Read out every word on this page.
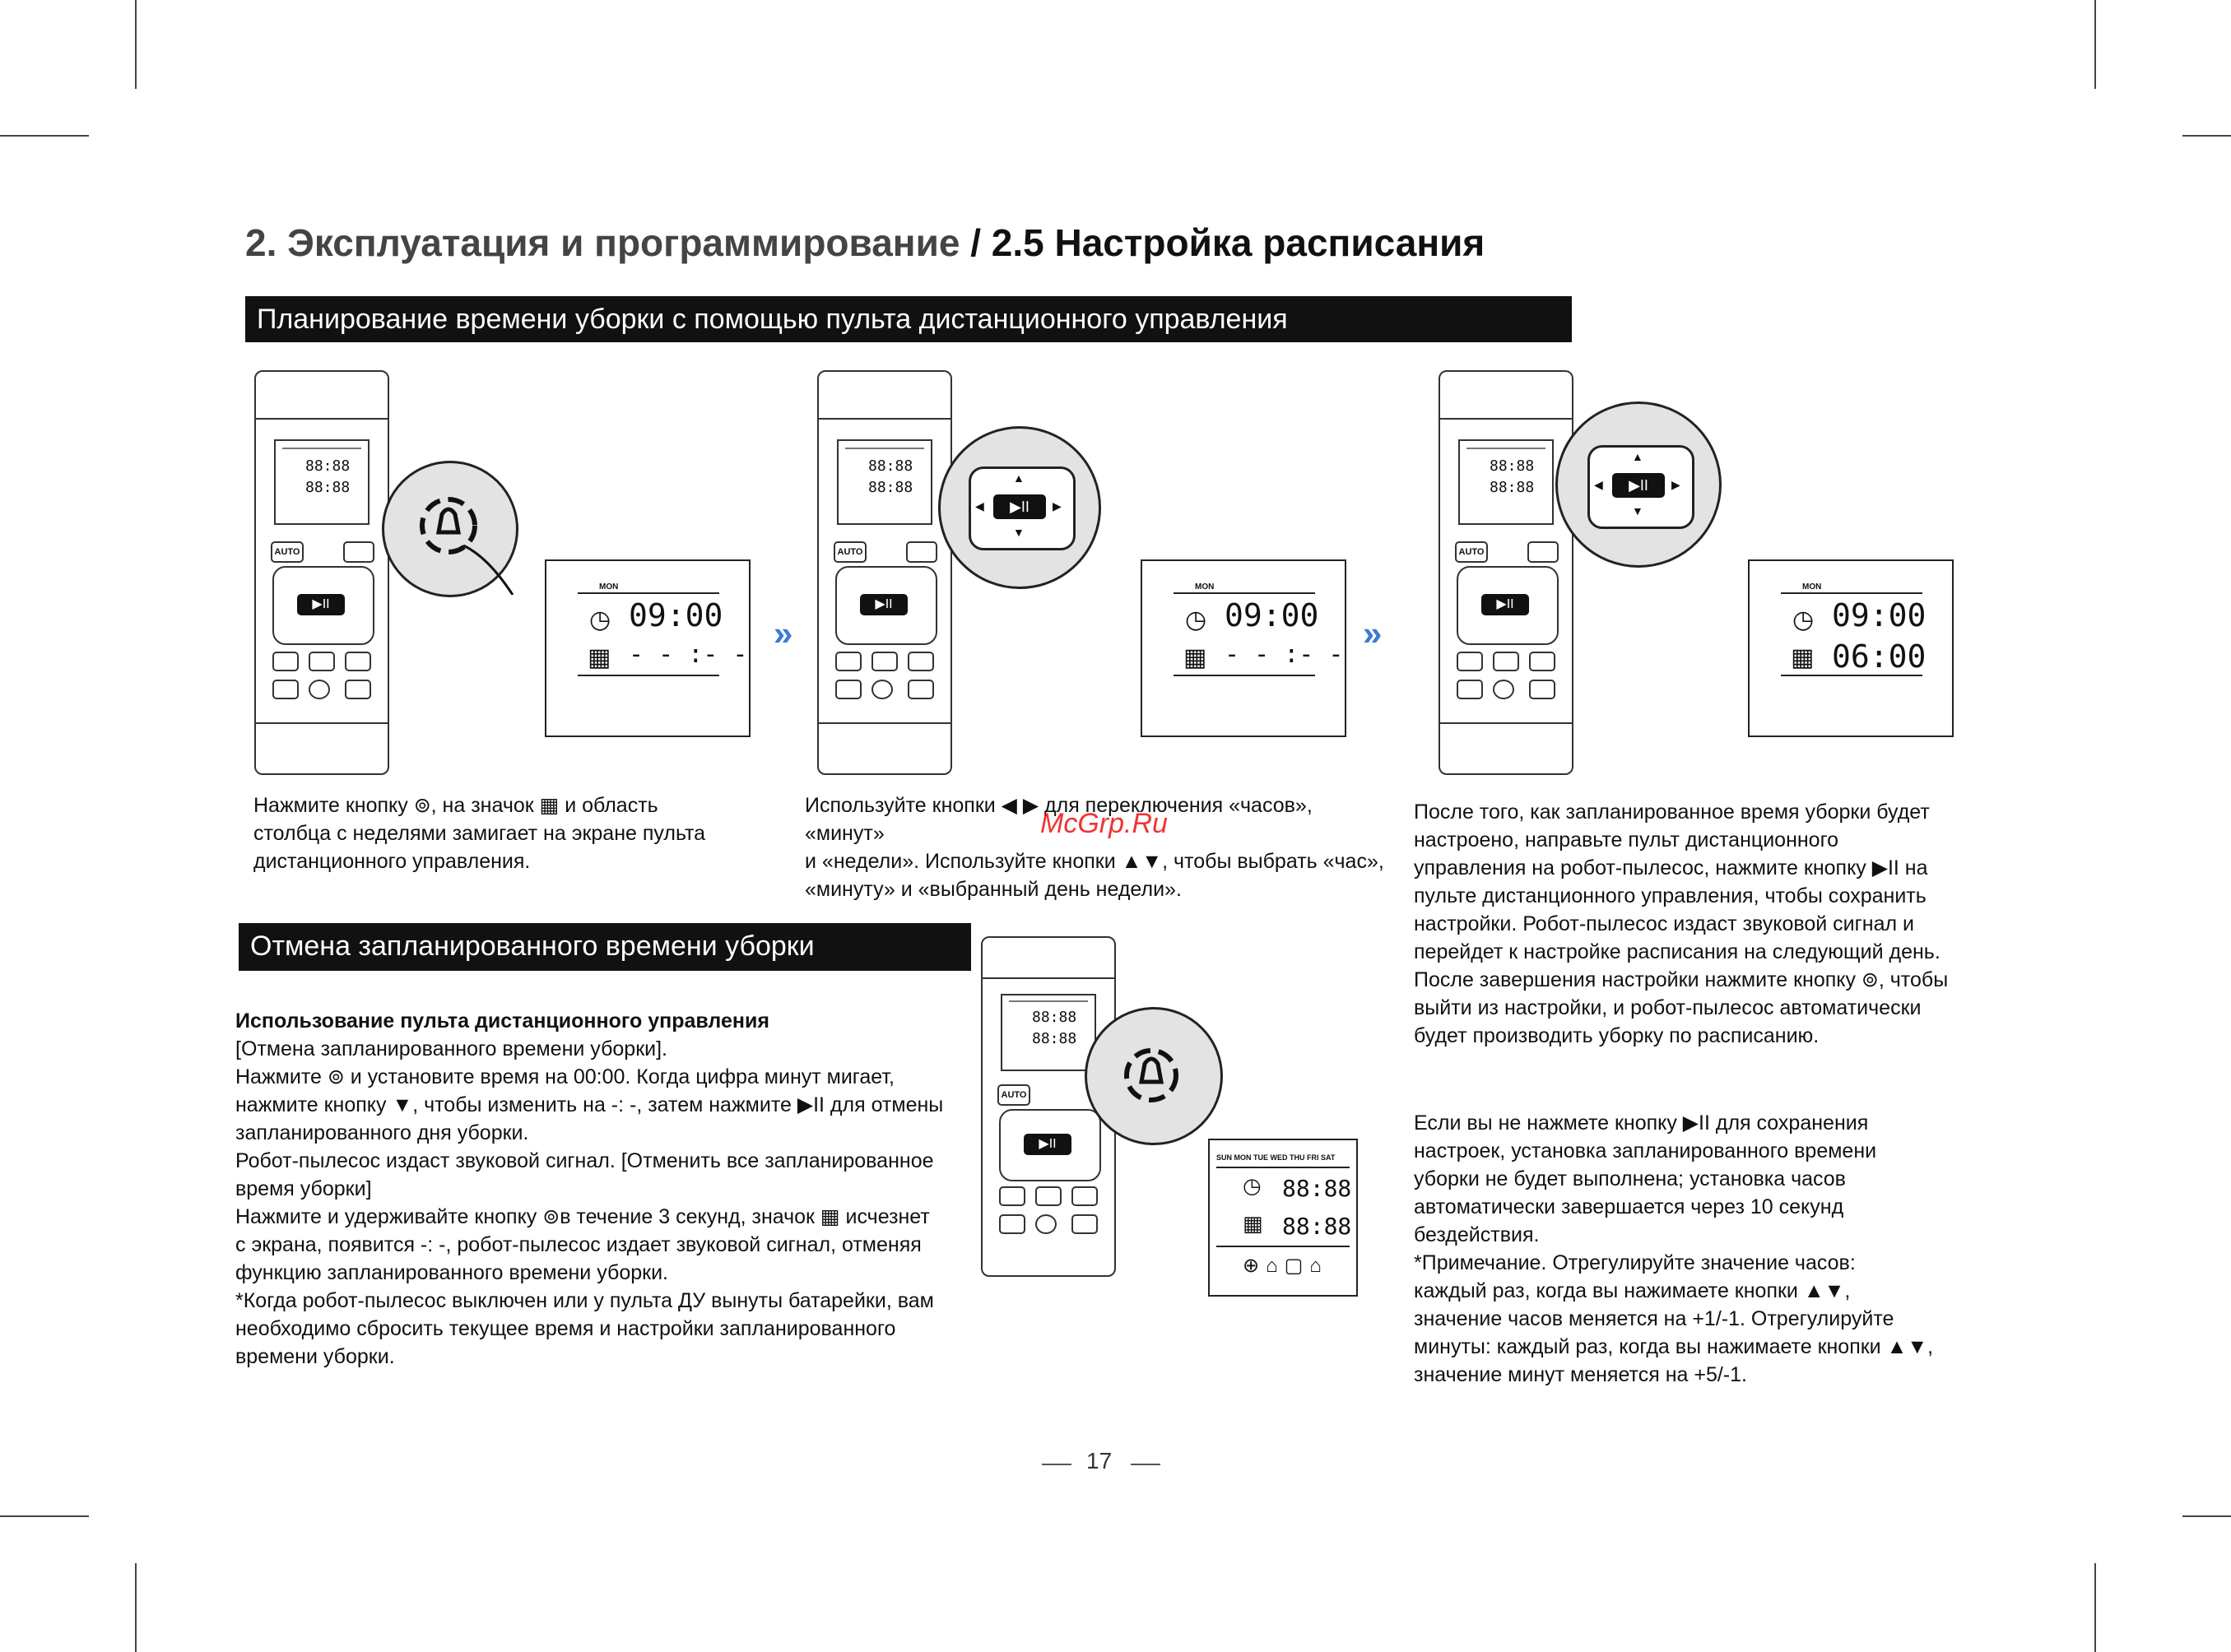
2. Эксплуатация и программирование / 2.5 Настройка расписания
Планирование времени уборки с помощью пульта дистанционного управления
88:88
88:88
AUTO
▶II
MON
◷ 09:00
▦ - - :- -
»
88:88
88:88
AUTO
▶II
▶II
▲
▼
◀	▶
MON
◷ 09:00
▦ - - :- -
»
88:88
88:88
AUTO
▶II
▶II
▲
▼
◀	▶
MON
◷ 09:00
▦ 06:00

Нажмите кнопку ⊚, на значок ▦ и область

столбца с неделями замигает на экране пульта

дистанционного управления.

Используйте кнопки ◀ ▶ для переключения «часов», «минут»

и «недели». Используйте кнопки ▲▼, чтобы выбрать «час»,

«минуту» и «выбранный день недели».

McGrp.Ru	После того, как запланированное время уборки будет

настроено, направьте пульт дистанционного

управления на робот-пылесос, нажмите кнопку ▶II на

пульте дистанционного управления, чтобы сохранить

настройки. Робот-пылесос издаст звуковой сигнал и

перейдет к настройке расписания на следующий день.

После завершения настройки нажмите кнопку ⊚, чтобы

выйти из настройки, и робот-пылесос автоматически

будет производить уборку по расписанию.

Если вы не нажмете кнопку ▶II для сохранения

настроек, установка запланированного времени

уборки не будет выполнена; установка часов

автоматически завершается через 10 секунд

бездействия.

*Примечание. Отрегулируйте значение часов:

каждый раз, когда вы нажимаете кнопки ▲▼,

значение часов меняется на +1/-1. Отрегулируйте

минуты: каждый раз, когда вы нажимаете кнопки ▲▼,

значение минут меняется на +5/-1.

Отмена запланированного времени уборки

Использование пульта дистанционного управления

[Отмена запланированного времени уборки].

Нажмите ⊚ и установите время на 00:00. Когда цифра минут мигает,

нажмите кнопку ▼, чтобы изменить на -: -, затем нажмите ▶II для отмены

запланированного дня уборки.

Робот-пылесос издаст звуковой сигнал. [Отменить все запланированное

время уборки]

Нажмите и удерживайте кнопку ⊚в течение 3 секунд, значок ▦ исчезнет

с экрана, появится -: -, робот-пылесос издает звуковой сигнал, отменяя

функцию запланированного времени уборки.

*Когда робот-пылесос выключен или у пульта ДУ вынуты батарейки, вам

необходимо сбросить текущее время и настройки запланированного

времени уборки.

88:88
88:88
AUTO
▶II
SUN MON TUE WED THU FRI SAT
◷ 88:88
▦ 88:88
⊕⌂▢⌂
17
